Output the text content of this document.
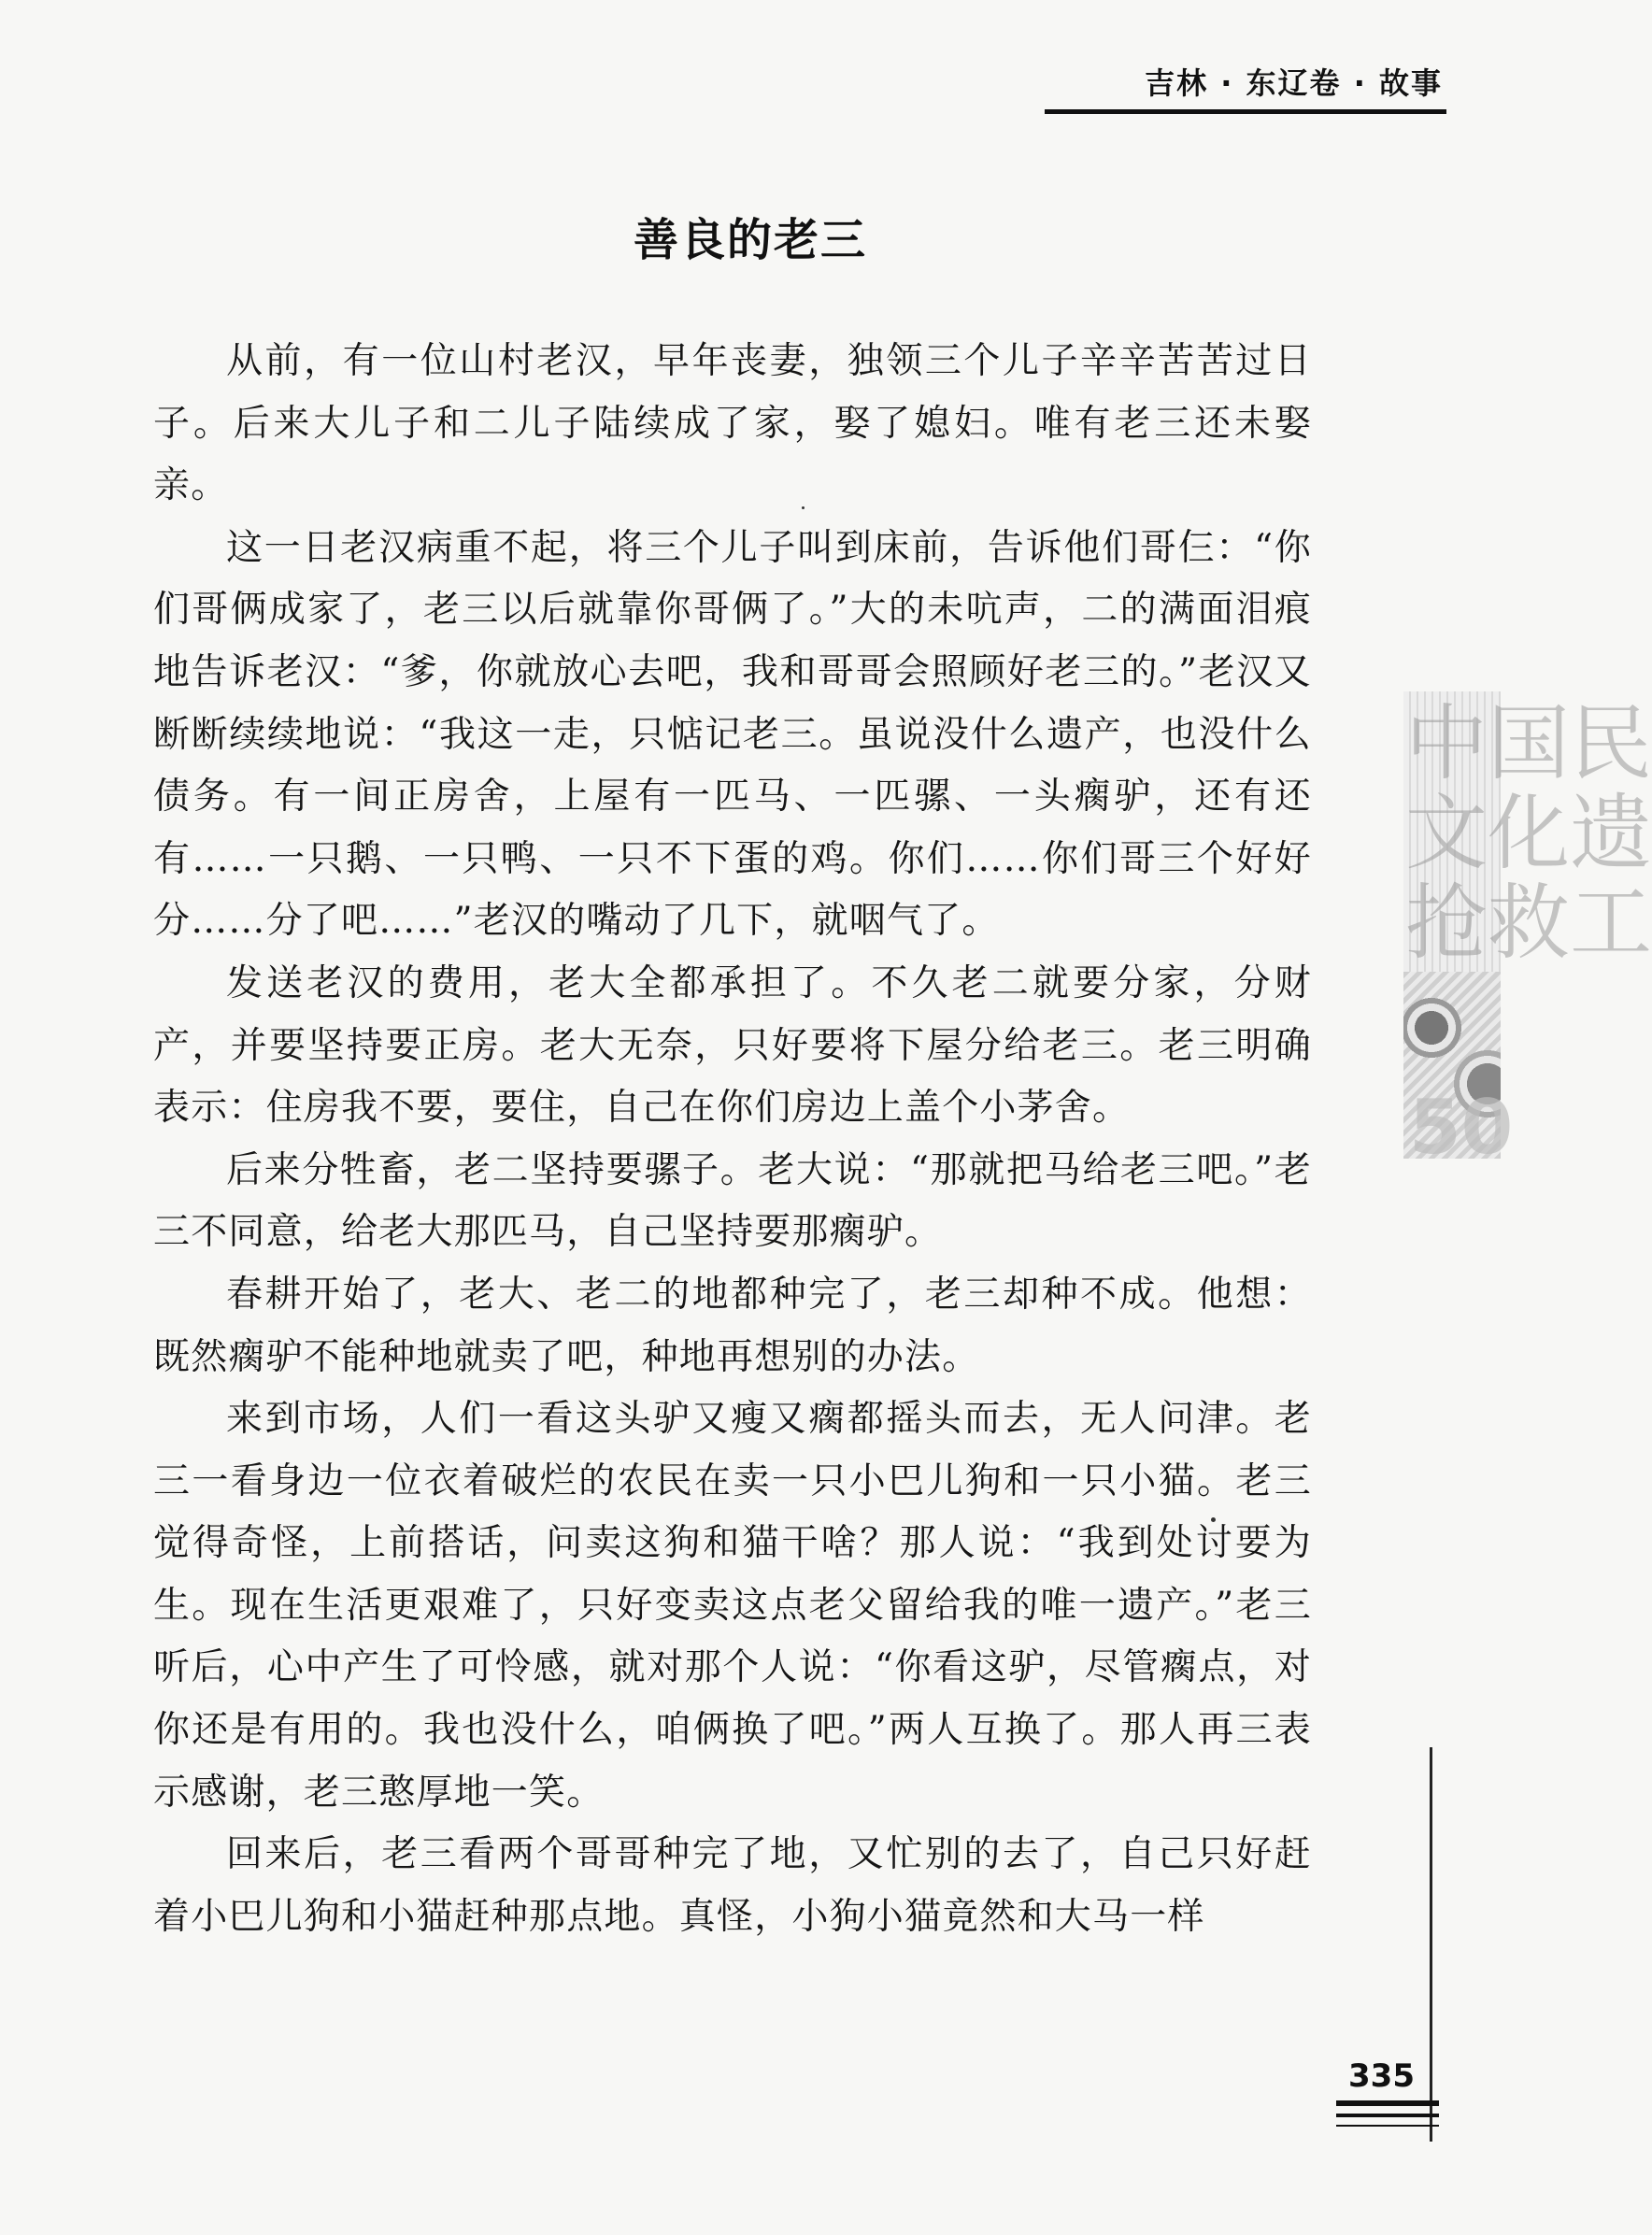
吉林 · 东辽卷 · 故事
善良的老三

从前，有一位山村老汉，早年丧妻，独领三个儿子辛辛苦苦过日子。后来大儿子和二儿子陆续成了家，娶了媳妇。唯有老三还未娶亲。

这一日老汉病重不起，将三个儿子叫到床前，告诉他们哥仨：“你们哥俩成家了，老三以后就靠你哥俩了。”大的未吭声，二的满面泪痕地告诉老汉：“爹，你就放心去吧，我和哥哥会照顾好老三的。”老汉又断断续续地说：“我这一走，只惦记老三。虽说没什么遗产，也没什么债务。有一间正房舍，上屋有一匹马、一匹骡、一头瘸驴，还有还有……一只鹅、一只鸭、一只不下蛋的鸡。你们……你们哥三个好好分……分了吧……”老汉的嘴动了几下，就咽气了。

发送老汉的费用，老大全都承担了。不久老二就要分家，分财产，并要坚持要正房。老大无奈，只好要将下屋分给老三。老三明确表示：住房我不要，要住，自己在你们房边上盖个小茅舍。

后来分牲畜，老二坚持要骡子。老大说：“那就把马给老三吧。”老三不同意，给老大那匹马，自己坚持要那瘸驴。

春耕开始了，老大、老二的地都种完了，老三却种不成。他想：既然瘸驴不能种地就卖了吧，种地再想别的办法。

来到市场，人们一看这头驴又瘦又瘸都摇头而去，无人问津。老三一看身边一位衣着破烂的农民在卖一只小巴儿狗和一只小猫。老三觉得奇怪，上前搭话，问卖这狗和猫干啥？那人说：“我到处讨要为生。现在生活更艰难了，只好变卖这点老父留给我的唯一遗产。”老三听后，心中产生了可怜感，就对那个人说：“你看这驴，尽管瘸点，对你还是有用的。我也没什么，咱俩换了吧。”两人互换了。那人再三表示感谢，老三憨厚地一笑。

回来后，老三看两个哥哥种完了地，又忙别的去了，自己只好赶着小巴儿狗和小猫赶种那点地。真怪，小狗小猫竟然和大马一样

中国民
文化遗
抢救工
50
335
